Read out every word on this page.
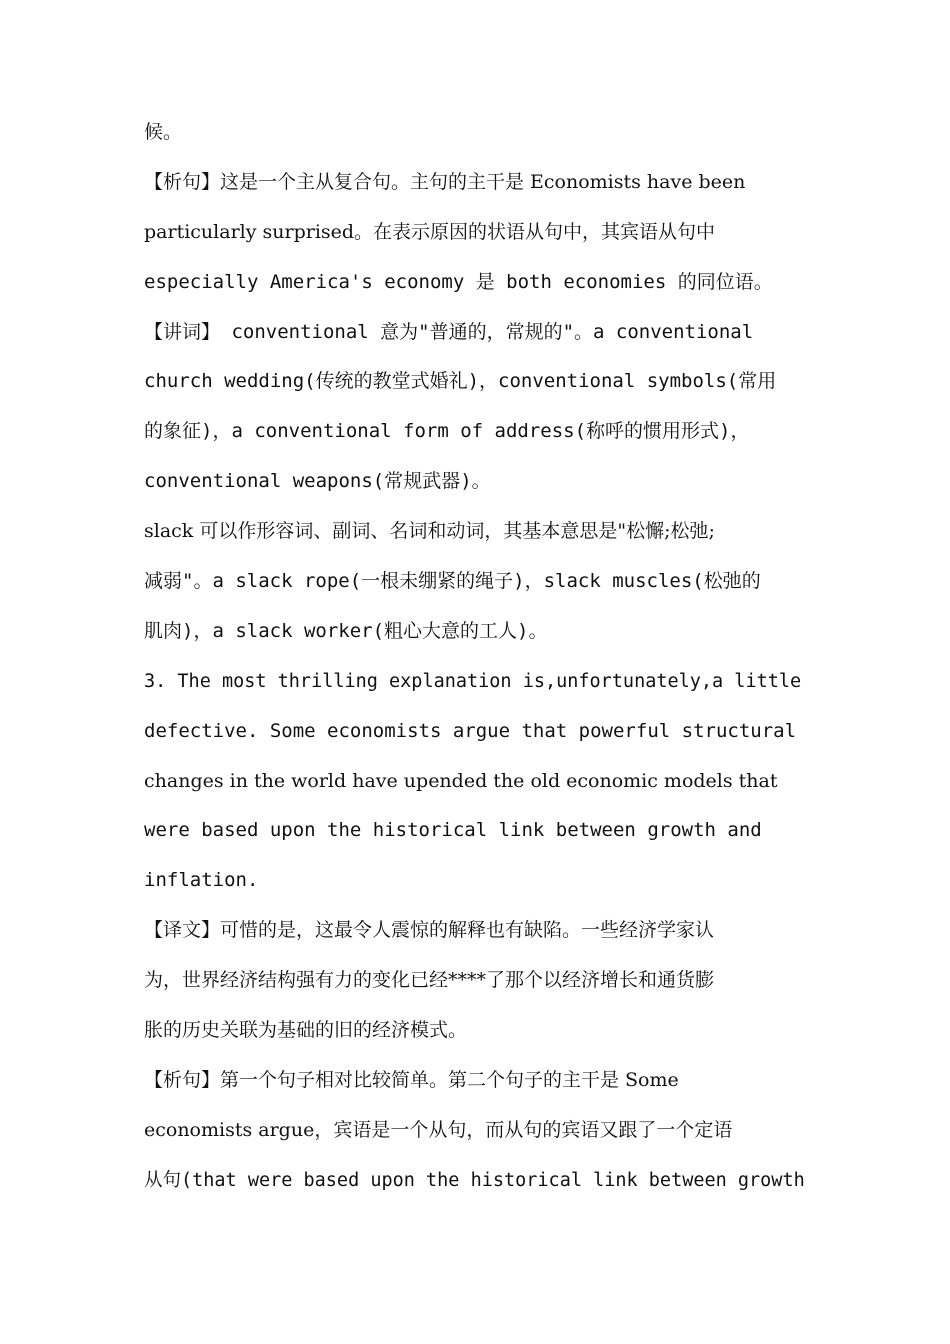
候。
【析句】这是一个主从复合句。主句的主干是 Economists have been
particularly surprised。在表示原因的状语从句中，其宾语从句中
especially America's economy 是 both economies 的同位语。
【讲词】 conventional 意为"普通的，常规的"。a conventional
church wedding(传统的教堂式婚礼)，conventional symbols(常用
的象征)，a conventional form of address(称呼的惯用形式)，
conventional weapons(常规武器)。
slack 可以作形容词、副词、名词和动词，其基本意思是"松懈;松弛;
减弱"。a slack rope(一根未绷紧的绳子)，slack muscles(松弛的
肌肉)，a slack worker(粗心大意的工人)。
3. The most thrilling explanation is,unfortunately,a little
defective. Some economists argue that powerful structural
changes in the world have upended the old economic models that
were based upon the historical link between growth and
inflation.
【译文】可惜的是，这最令人震惊的解释也有缺陷。一些经济学家认
为，世界经济结构强有力的变化已经****了那个以经济增长和通货膨
胀的历史关联为基础的旧的经济模式。
【析句】第一个句子相对比较简单。第二个句子的主干是 Some
economists argue，宾语是一个从句，而从句的宾语又跟了一个定语
从句(that were based upon the historical link between growth
